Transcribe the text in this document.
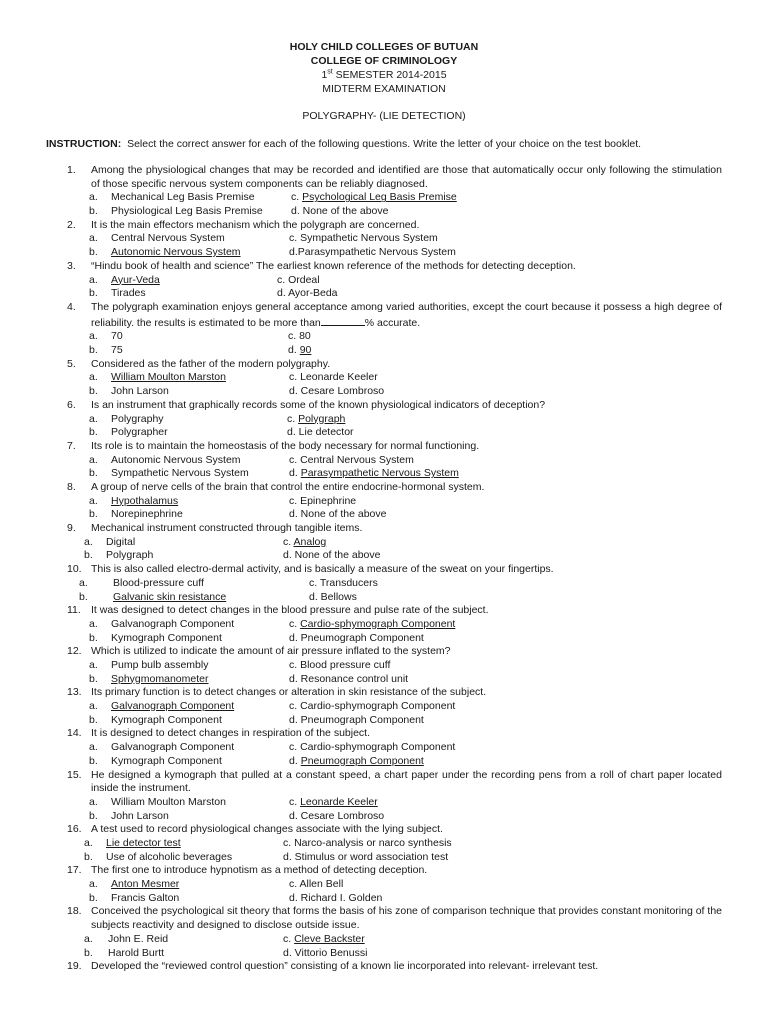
HOLY CHILD COLLEGES OF BUTUAN
COLLEGE OF CRIMINOLOGY
1st SEMESTER 2014-2015
MIDTERM EXAMINATION
POLYGRAPHY- (LIE DETECTION)
INSTRUCTION: Select the correct answer for each of the following questions. Write the letter of your choice on the test booklet.
1. Among the physiological changes that may be recorded and identified are those that automatically occur only following the stimulation of those specific nervous system components can be reliably diagnosed.
a. Mechanical Leg Basis Premise	c. Psychological Leg Basis Premise
b. Physiological Leg Basis Premise	d. None of the above
2. It is the main effectors mechanism which the polygraph are concerned.
a. Central Nervous System	c. Sympathetic Nervous System
b. Autonomic Nervous System	d.Parasympathetic Nervous System
3. “Hindu book of health and science” The earliest known reference of the methods for detecting deception.
a. Ayur-Veda	c. Ordeal
b. Tirades	d. Ayor-Beda
4. The polygraph examination enjoys general acceptance among varied authorities, except the court because it possess a high degree of reliability. the results is estimated to be more than	% accurate.
a. 70	c. 80
b. 75	d. 90
5. Considered as the father of the modern polygraphy.
a. William Moulton Marston	c. Leonarde Keeler
b. John Larson	d. Cesare Lombroso
6. Is an instrument that graphically records some of the known physiological indicators of deception?
a. Polygraphy	c. Polygraph
b. Polygrapher	d. Lie detector
7. Its role is to maintain the homeostasis of the body necessary for normal functioning.
a. Autonomic Nervous System	c. Central Nervous System
b. Sympathetic Nervous System	d. Parasympathetic Nervous System
8. A group of nerve cells of the brain that control the entire endocrine-hormonal system.
a. Hypothalamus	c. Epinephrine
b. Norepinephrine	d. None of the above
9. Mechanical instrument constructed through tangible items.
a. Digital	c. Analog
b. Polygraph	d. None of the above
10. This is also called electro-dermal activity, and is basically a measure of the sweat on your fingertips.
a. Blood-pressure cuff	c. Transducers
b. Galvanic skin resistance	d. Bellows
11. It was designed to detect changes in the blood pressure and pulse rate of the subject.
a. Galvanograph Component	c. Cardio-sphymograph Component
b. Kymograph Component	d. Pneumograph Component
12. Which is utilized to indicate the amount of air pressure inflated to the system?
a. Pump bulb assembly	c. Blood pressure cuff
b. Sphygmomanometer	d. Resonance control unit
13. Its primary function is to detect changes or alteration in skin resistance of the subject.
a. Galvanograph Component	c. Cardio-sphymograph Component
b. Kymograph Component	d. Pneumograph Component
14. It is designed to detect changes in respiration of the subject.
a. Galvanograph Component	c. Cardio-sphymograph Component
b. Kymograph Component	d. Pneumograph Component
15. He designed a kymograph that pulled at a constant speed, a chart paper under the recording pens from a roll of chart paper located inside the instrument.
a. William Moulton Marston	c. Leonarde Keeler
b. John Larson	d. Cesare Lombroso
16. A test used to record physiological changes associate with the lying subject.
a. Lie detector test	c. Narco-analysis or narco synthesis
b. Use of alcoholic beverages	d. Stimulus or word association test
17. The first one to introduce hypnotism as a method of detecting deception.
a. Anton Mesmer	c. Allen Bell
b. Francis Galton	d. Richard I. Golden
18. Conceived the psychological sit theory that forms the basis of his zone of comparison technique that provides constant monitoring of the subjects reactivity and designed to disclose outside issue.
a. John E. Reid	c. Cleve Backster
b. Harold Burtt	d. Vittorio Benussi
19. Developed the “reviewed control question” consisting of a known lie incorporated into relevant- irrelevant test.
